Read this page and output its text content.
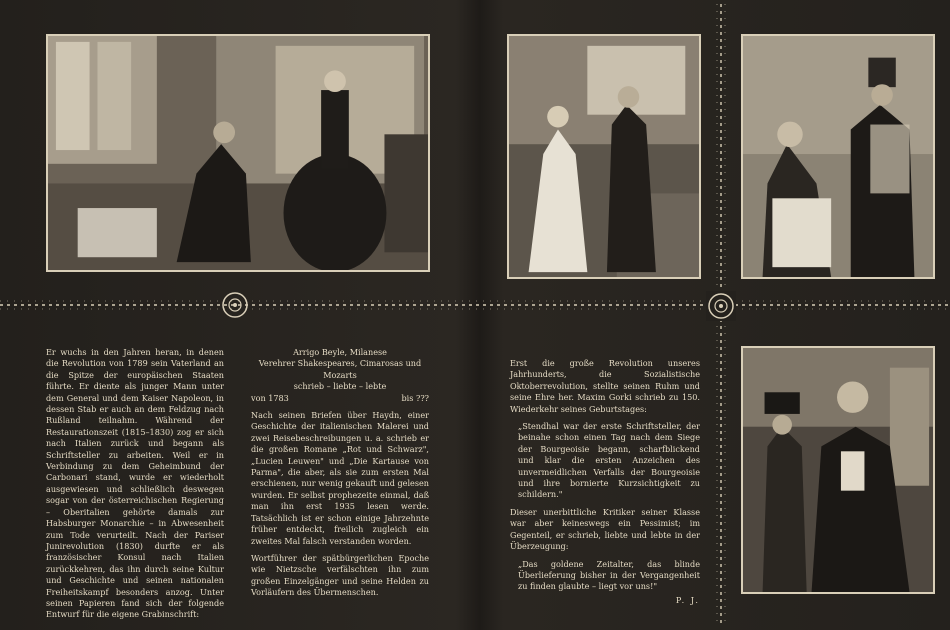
Er wuchs in den Jahren heran, in denen die Revolution von 1789 sein Vaterland an die Spitze der europäischen Staaten führte. Er diente als junger Mann unter dem General und dem Kaiser Napoleon, in dessen Stab er auch an dem Feldzug nach Rußland teilnahm. Während der Restaurationszeit (1815–1830) zog er sich nach Italien zurück und begann als Schriftsteller zu arbeiten. Weil er in Verbindung zu dem Geheimbund der Carbonari stand, wurde er wiederholt ausgewiesen und schließlich deswegen sogar von der österreichischen Regierung – Oberitalien gehörte damals zur Habsburger Monarchie – in Abwesenheit zum Tode verurteilt. Nach der Pariser Junirevolution (1830) durfte er als französischer Konsul nach Italien zurückkehren, das ihn durch seine Kultur und Geschichte und seinen nationalen Freiheitskampf besonders anzog. Unter seinen Papieren fand sich der folgende Entwurf für die eigene Grabinschrift:

Arrigo Beyle, Milanese
Verehrer Shakespeares, Cimarosas und
Mozarts
schrieb – liebte – lebte
von 1783	bis ???

Nach seinen Briefen über Haydn, einer Geschichte der italienischen Malerei und zwei Reisebeschreibungen u. a. schrieb er die großen Romane „Rot und Schwarz", „Lucien Leuwen" und „Die Kartause von Parma", die aber, als sie zum ersten Mal erschienen, nur wenig gekauft und gelesen wurden. Er selbst prophezeite einmal, daß man ihn erst 1935 lesen werde. Tatsächlich ist er schon einige Jahrzehnte früher entdeckt, freilich zugleich ein zweites Mal falsch verstanden worden.

Wortführer der spätbürgerlichen Epoche wie Nietzsche verfälschten ihn zum großen Einzelgänger und seine Helden zu Vorläufern des Übermenschen.

Erst die große Revolution unseres Jahrhunderts, die Sozialistische Oktoberrevolution, stellte seinen Ruhm und seine Ehre her. Maxim Gorki schrieb zu 150. Wiederkehr seines Geburtstages:

„Stendhal war der erste Schriftsteller, der beinahe schon einen Tag nach dem Siege der Bourgeoisie begann, scharfblickend und klar die ersten Anzeichen des unvermeidlichen Verfalls der Bourgeoisie und ihre bornierte Kurzsichtigkeit zu schildern."

Dieser unerbittliche Kritiker seiner Klasse war aber keineswegs ein Pessimist; im Gegenteil, er schrieb, liebte und lebte in der Überzeugung:

„Das goldene Zeitalter, das blinde Überlieferung bisher in der Vergangenheit zu finden glaubte – liegt vor uns!"

P. J.
